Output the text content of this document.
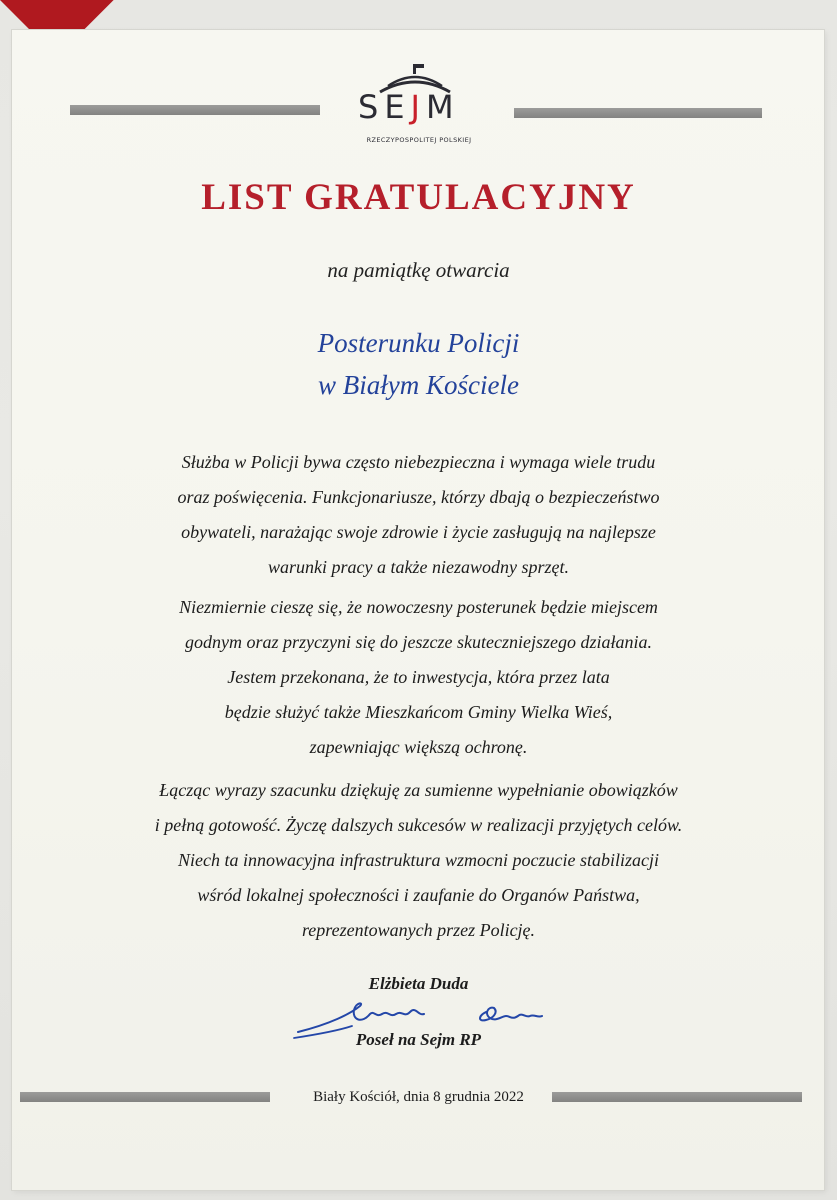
SEJM
RZECZYPOSPOLITEJ POLSKIEJ
LIST GRATULACYJNY
na pamiątkę otwarcia
Posterunku Policji
w Białym Kościele
Służba w Policji bywa często niebezpieczna i wymaga wiele trudu
oraz poświęcenia. Funkcjonariusze, którzy dbają o bezpieczeństwo
obywateli, narażając swoje zdrowie i życie zasługują na najlepsze
warunki pracy a także niezawodny sprzęt.
Niezmiernie cieszę się, że nowoczesny posterunek będzie miejscem
godnym oraz przyczyni się do jeszcze skuteczniejszego działania.
Jestem przekonana, że to inwestycja, która przez lata
będzie służyć także Mieszkańcom Gminy Wielka Wieś,
zapewniając większą ochronę.
Łącząc wyrazy szacunku dziękuję za sumienne wypełnianie obowiązków
i pełną gotowość. Życzę dalszych sukcesów w realizacji przyjętych celów.
Niech ta innowacyjna infrastruktura wzmocni poczucie stabilizacji
wśród lokalnej społeczności i zaufanie do Organów Państwa,
reprezentowanych przez Policję.
Elżbieta Duda
Poseł na Sejm RP
Biały Kościół, dnia 8 grudnia 2022
